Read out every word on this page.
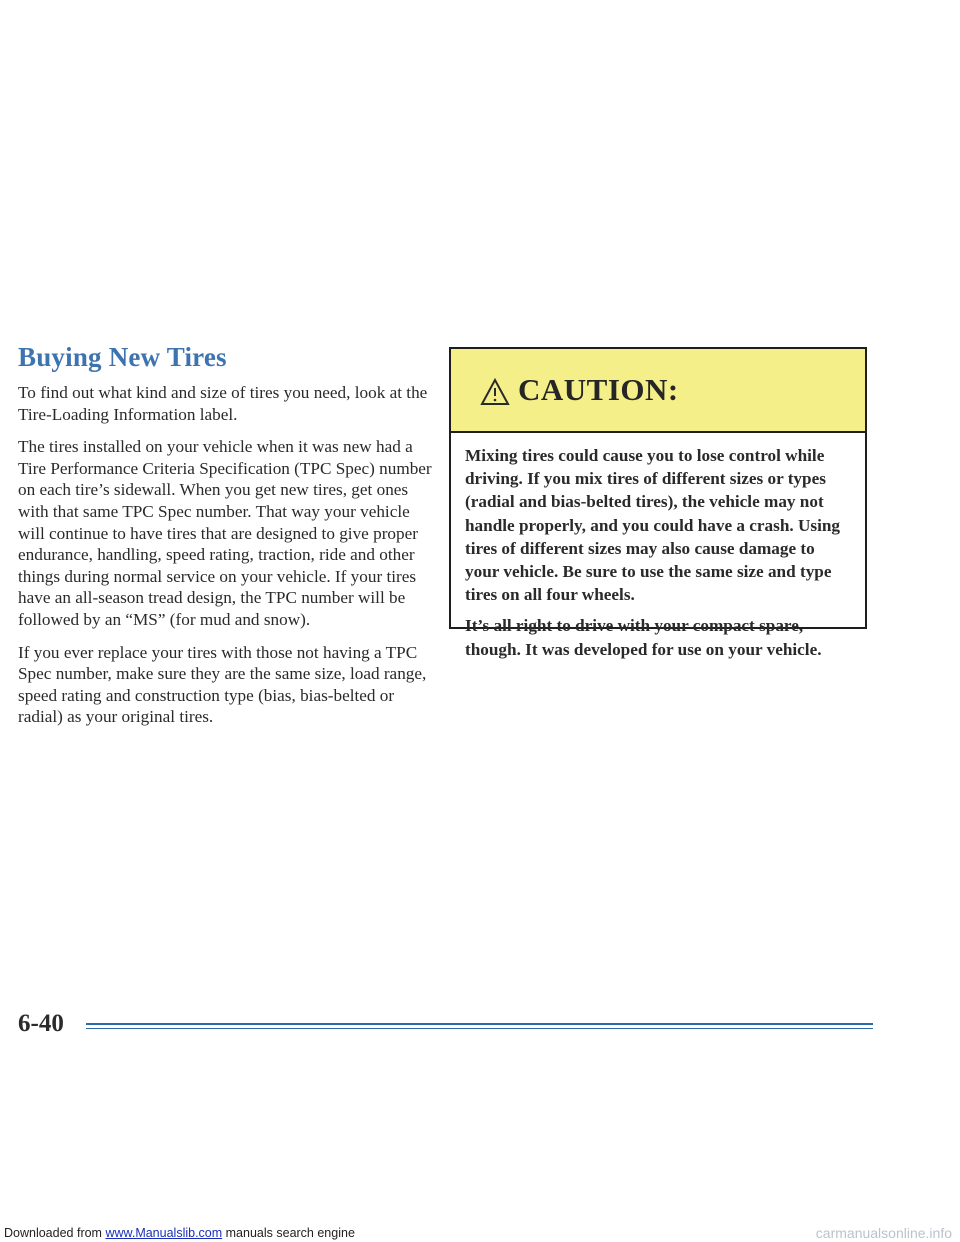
Buying New Tires

To find out what kind and size of tires you need, look at the Tire-Loading Information label.

The tires installed on your vehicle when it was new had a Tire Performance Criteria Specification (TPC Spec) number on each tire’s sidewall. When you get new tires, get ones with that same TPC Spec number. That way your vehicle will continue to have tires that are designed to give proper endurance, handling, speed rating, traction, ride and other things during normal service on your vehicle. If your tires have an all-season tread design, the TPC number will be followed by an “MS” (for mud and snow).

If you ever replace your tires with those not having a TPC Spec number, make sure they are the same size, load range, speed rating and construction type (bias, bias-belted or radial) as your original tires.

CAUTION:

Mixing tires could cause you to lose control while driving. If you mix tires of different sizes or types (radial and bias-belted tires), the vehicle may not handle properly, and you could have a crash. Using tires of different sizes may also cause damage to your vehicle. Be sure to use the same size and type tires on all four wheels.

It’s all right to drive with your compact spare, though. It was developed for use on your vehicle.

6-40
Downloaded from www.Manualslib.com manuals search engine	carmanualsonline.info
